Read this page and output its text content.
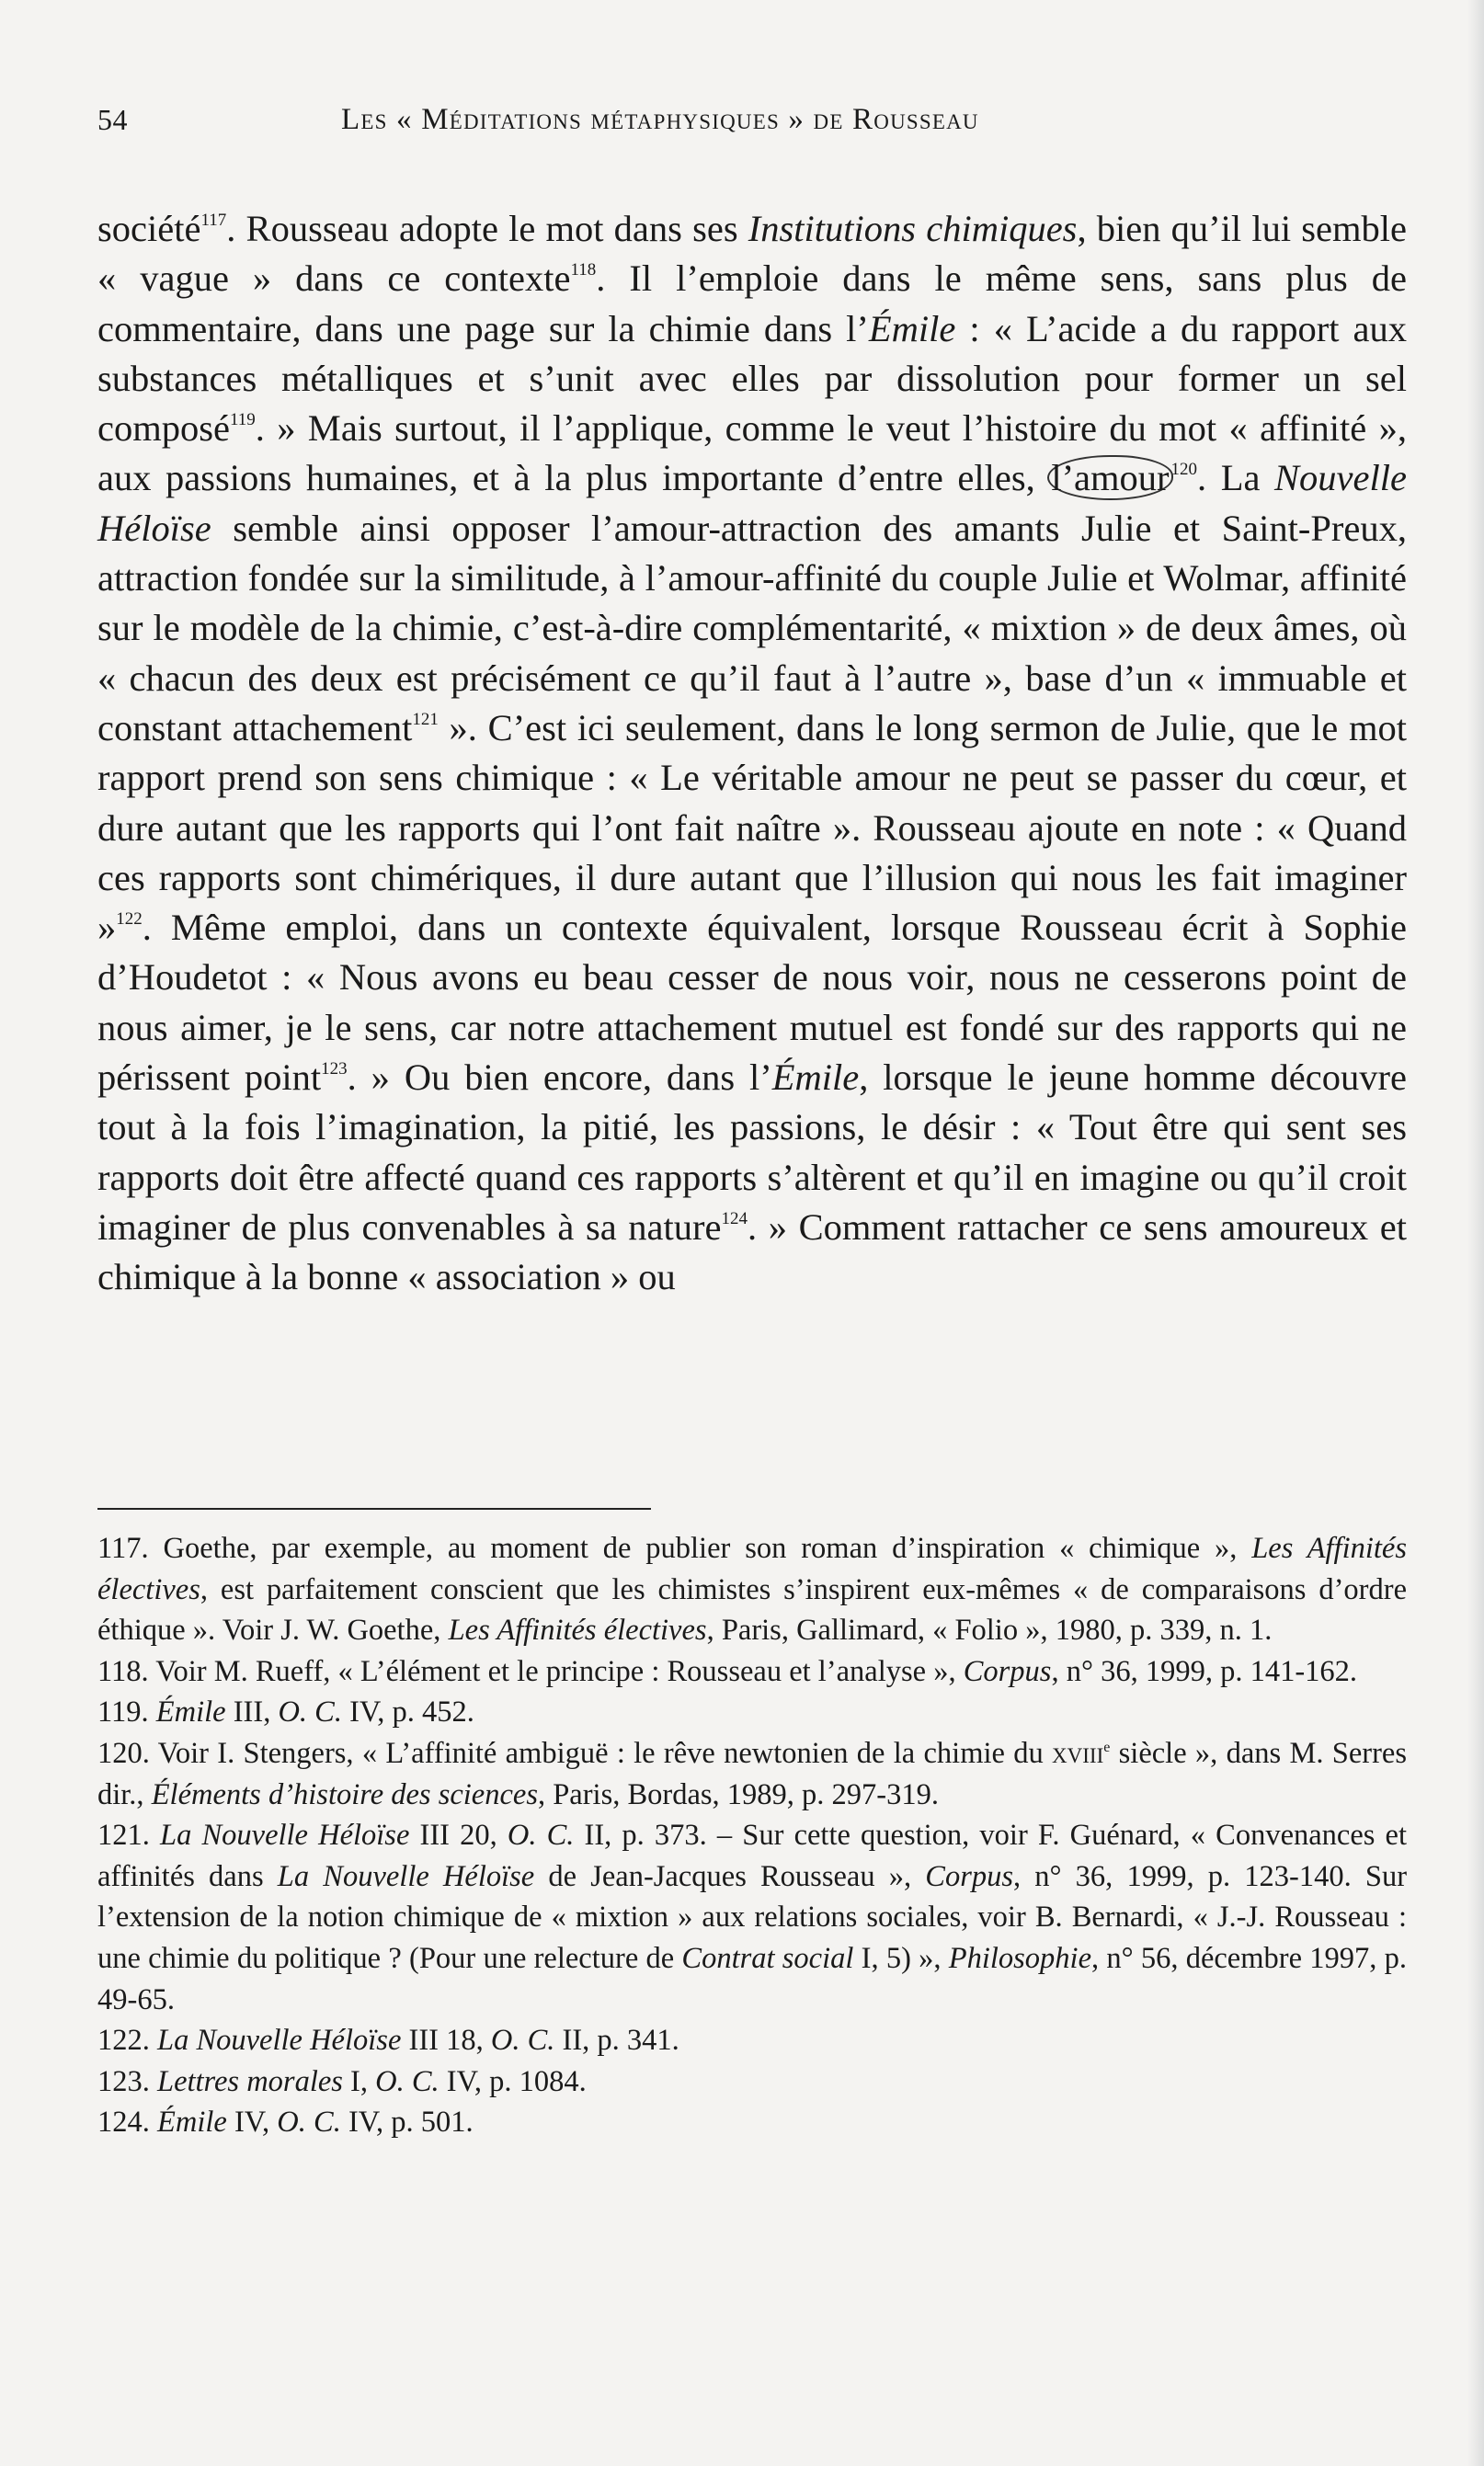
54	Les « Méditations métaphysiques » de Rousseau

société$^{117}$. Rousseau adopte le mot dans ses Institutions chimiques, bien qu’il lui semble « vague » dans ce contexte$^{118}$. Il l’emploie dans le même sens, sans plus de commentaire, dans une page sur la chimie dans l’Émile : « L’acide a du rapport aux substances métalliques et s’unit avec elles par dissolution pour former un sel composé$^{119}$. » Mais surtout, il l’applique, comme le veut l’histoire du mot « affinité », aux passions humaines, et à la plus importante d’entre elles, l’amour $^{120}$. La Nouvelle Héloïse semble ainsi opposer l’amour-attraction des amants Julie et Saint-Preux, attraction fondée sur la similitude, à l’amour-affinité du couple Julie et Wolmar, affinité sur le modèle de la chimie, c’est-à-dire complémentarité, « mixtion » de deux âmes, où « chacun des deux est précisément ce qu’il faut à l’autre », base d’un « immuable et constant attachement$^{121}$ ». C’est ici seulement, dans le long sermon de Julie, que le mot rapport prend son sens chimique : « Le véritable amour ne peut se passer du cœur, et dure autant que les rapports qui l’ont fait naître ». Rousseau ajoute en note : « Quand ces rapports sont chimériques, il dure autant que l’illusion qui nous les fait imaginer »$^{122}$. Même emploi, dans un contexte équivalent, lorsque Rousseau écrit à Sophie d’Houdetot : « Nous avons eu beau cesser de nous voir, nous ne cesserons point de nous aimer, je le sens, car notre attachement mutuel est fondé sur des rapports qui ne périssent point$^{123}$. » Ou bien encore, dans l’Émile, lorsque le jeune homme découvre tout à la fois l’imagination, la pitié, les passions, le désir : « Tout être qui sent ses rapports doit être affecté quand ces rapports s’altèrent et qu’il en imagine ou qu’il croit imaginer de plus convenables à sa nature$^{124}$. » Comment rattacher ce sens amoureux et chimique à la bonne « association » ou

117. Goethe, par exemple, au moment de publier son roman d’inspiration « chimique », Les Affinités électives, est parfaitement conscient que les chimistes s’inspirent eux-mêmes « de comparaisons d’ordre éthique ». Voir J. W. Goethe, Les Affinités électives, Paris, Gallimard, « Folio », 1980, p. 339, n. 1.

118. Voir M. Rueff, « L’élément et le principe : Rousseau et l’analyse », Corpus, n° 36, 1999, p. 141-162.

119. Émile III, O. C. IV, p. 452.

120. Voir I. Stengers, « L’affinité ambiguë : le rêve newtonien de la chimie du xviii$^e$ siècle », dans M. Serres dir., Éléments d’histoire des sciences, Paris, Bordas, 1989, p. 297-319.

121. La Nouvelle Héloïse III 20, O. C. II, p. 373. – Sur cette question, voir F. Guénard, « Convenances et affinités dans La Nouvelle Héloïse de Jean-Jacques Rousseau », Corpus, n° 36, 1999, p. 123-140. Sur l’extension de la notion chimique de « mixtion » aux relations sociales, voir B. Bernardi, « J.-J. Rousseau : une chimie du politique ? (Pour une relecture de Contrat social I, 5) », Philosophie, n° 56, décembre 1997, p. 49-65.

122. La Nouvelle Héloïse III 18, O. C. II, p. 341.

123. Lettres morales I, O. C. IV, p. 1084.

124. Émile IV, O. C. IV, p. 501.
